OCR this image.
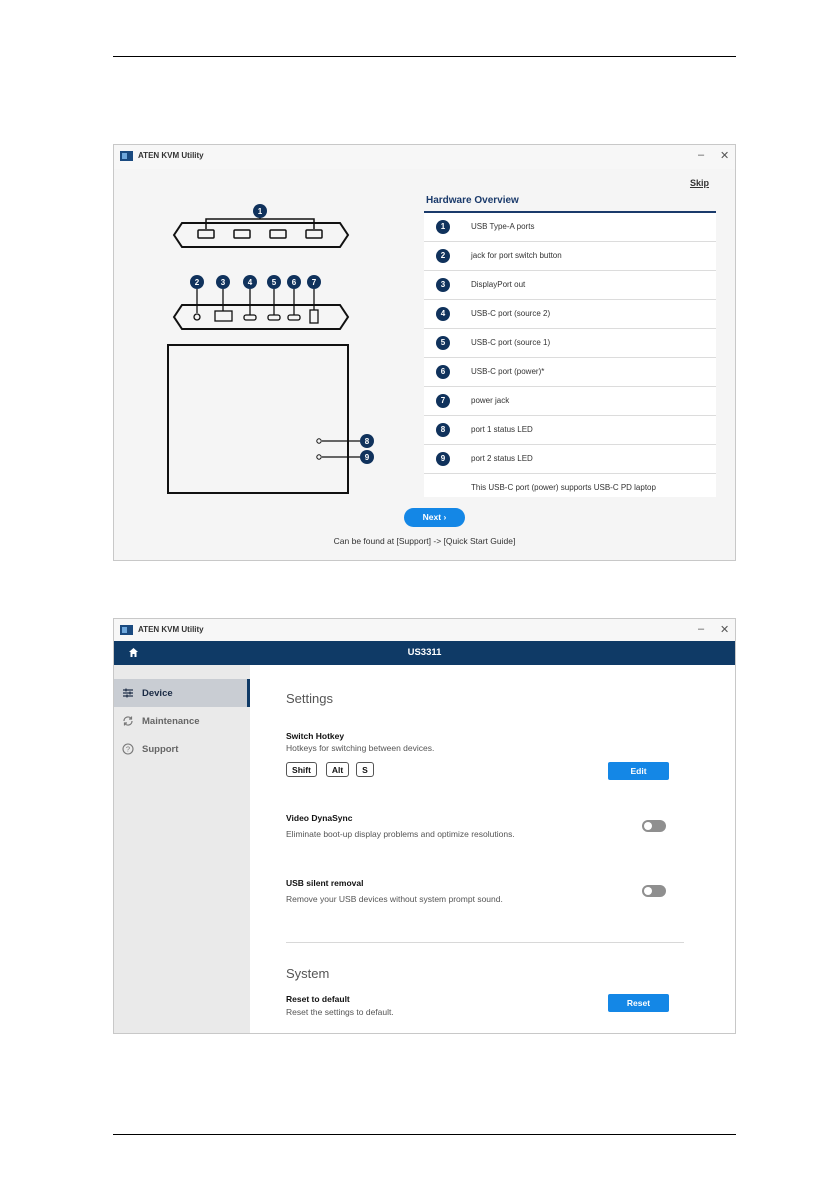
ATEN KVM Utility	– ✕
Skip
1
2	3	4 5 6 7
8
9
Hardware Overview
1	USB Type-A ports
2	jack for port switch button
3	DisplayPort out
4	USB-C port (source 2)
5	USB-C port (source 1)
6	USB-C port (power)*
7	power jack
8	port 1 status LED
9	port 2 status LED
This USB-C port (power) supports USB-C PD laptop
Next ›
Can be found at [Support] -> [Quick Start Guide]
ATEN KVM Utility	– ✕
US3311
Device
Maintenance
? Support
Settings
Switch Hotkey
Hotkeys for switching between devices.
Shift	Alt	S	Edit
Video DynaSync
Eliminate boot-up display problems and optimize resolutions.
USB silent removal
Remove your USB devices without system prompt sound.
System
Reset to default
Reset the settings to default.
Reset
